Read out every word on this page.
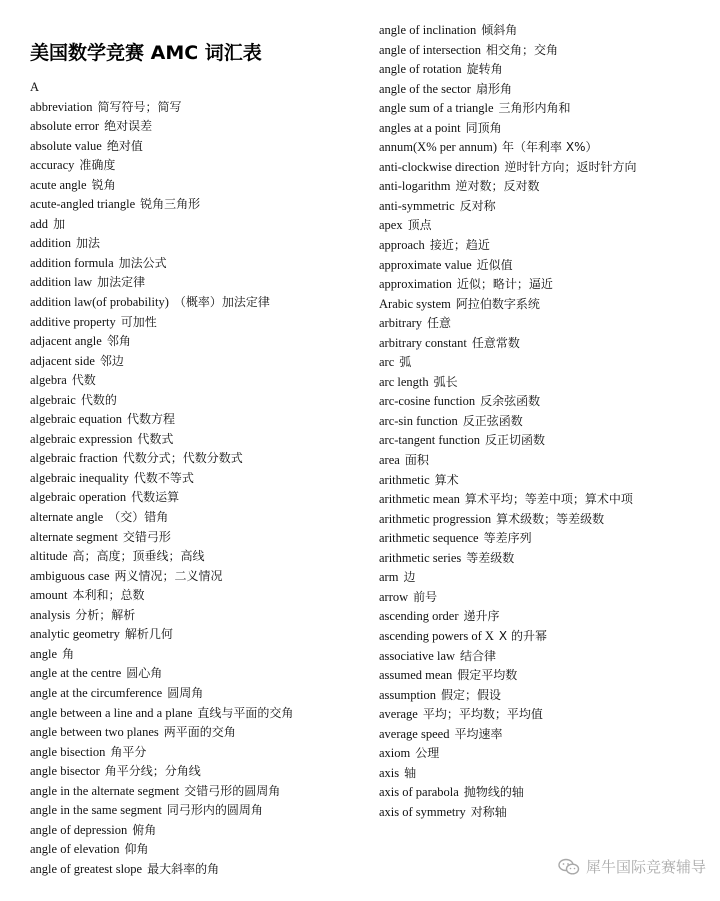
美国数学竞赛 AMC 词汇表
A
abbreviation 简写符号；简写
absolute error 绝对误差
absolute value 绝对值
accuracy 准确度
acute angle 锐角
acute-angled triangle 锐角三角形
add 加
addition 加法
addition formula 加法公式
addition law 加法定律
addition law(of probability) （概率）加法定律
additive property 可加性
adjacent angle 邻角
adjacent side 邻边
algebra 代数
algebraic 代数的
algebraic equation 代数方程
algebraic expression 代数式
algebraic fraction 代数分式；代数分数式
algebraic inequality 代数不等式
algebraic operation 代数运算
alternate angle （交）错角
alternate segment 交错弓形
altitude 高；高度；顶垂线；高线
ambiguous case 两义情况；二义情况
amount 本利和；总数
analysis 分析；解析
analytic geometry 解析几何
angle 角
angle at the centre 圆心角
angle at the circumference 圆周角
angle between a line and a plane 直线与平面的交角
angle between two planes 两平面的交角
angle bisection 角平分
angle bisector 角平分线；分角线
angle in the alternate segment 交错弓形的圆周角
angle in the same segment 同弓形内的圆周角
angle of depression 俯角
angle of elevation 仰角
angle of greatest slope 最大斜率的角
angle of inclination 倾斜角
angle of intersection 相交角；交角
angle of rotation 旋转角
angle of the sector 扇形角
angle sum of a triangle 三角形内角和
angles at a point 同顶角
annum(X% per annum) 年（年利率 X%）
anti-clockwise direction 逆时针方向；返时针方向
anti-logarithm 逆对数；反对数
anti-symmetric 反对称
apex 顶点
approach 接近；趋近
approximate value 近似值
approximation 近似；略计；逼近
Arabic system 阿拉伯数字系统
arbitrary 任意
arbitrary constant 任意常数
arc 弧
arc length 弧长
arc-cosine function 反余弦函数
arc-sin function 反正弦函数
arc-tangent function 反正切函数
area 面积
arithmetic 算术
arithmetic mean 算术平均；等差中项；算术中项
arithmetic progression 算术级数；等差级数
arithmetic sequence 等差序列
arithmetic series 等差级数
arm 边
arrow 前号
ascending order 递升序
ascending powers of X X 的升幂
associative law 结合律
assumed mean 假定平均数
assumption 假定；假设
average 平均；平均数；平均值
average speed 平均速率
axiom 公理
axis 轴
axis of parabola 抛物线的轴
axis of symmetry 对称轴
犀牛国际竞赛辅导
